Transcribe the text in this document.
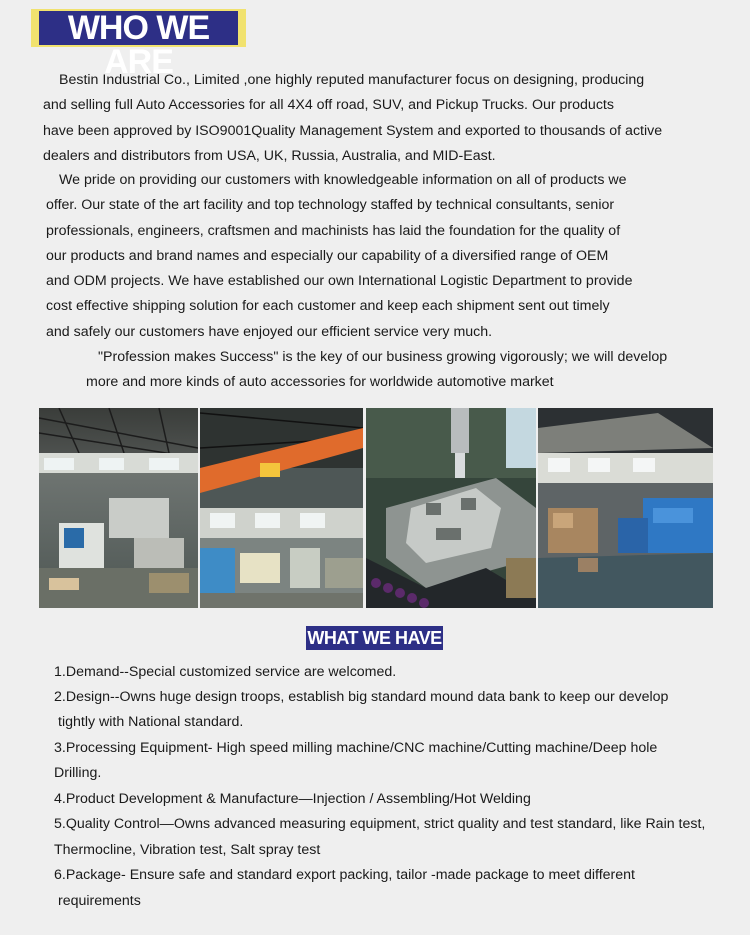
WHO WE ARE
Bestin Industrial Co., Limited ,one highly reputed manufacturer focus on designing, producing
and selling full Auto Accessories for all 4X4 off road, SUV, and Pickup Trucks. Our products
have been approved by ISO9001Quality Management System and exported to thousands of active
dealers and distributors from USA, UK, Russia, Australia, and MID-East.
We pride on providing our customers with knowledgeable information on all of products we
offer. Our state of the art facility and top technology staffed by technical consultants, senior
professionals, engineers, craftsmen and machinists has laid the foundation for the quality of
our products and brand names and especially our capability of a diversified range of OEM
and ODM projects. We have established our own International Logistic Department to provide
cost effective shipping solution for each customer and keep each shipment sent out timely
and safely our customers have enjoyed our efficient service very much.
"Profession makes Success" is the key of our business growing vigorously; we will develop
more and more kinds of auto accessories for worldwide automotive market
WHAT WE HAVE
1.Demand--Special customized service are welcomed.
2.Design--Owns huge design troops, establish big standard mound data bank to keep our develop
tightly with National standard.
3.Processing Equipment- High speed milling machine/CNC machine/Cutting machine/Deep hole
Drilling.
4.Product Development & Manufacture—Injection / Assembling/Hot Welding
5.Quality Control—Owns advanced measuring equipment, strict quality and test standard, like Rain test,
Thermocline, Vibration test, Salt spray test
6.Package- Ensure safe and standard export packing, tailor -made package to meet different
requirements
